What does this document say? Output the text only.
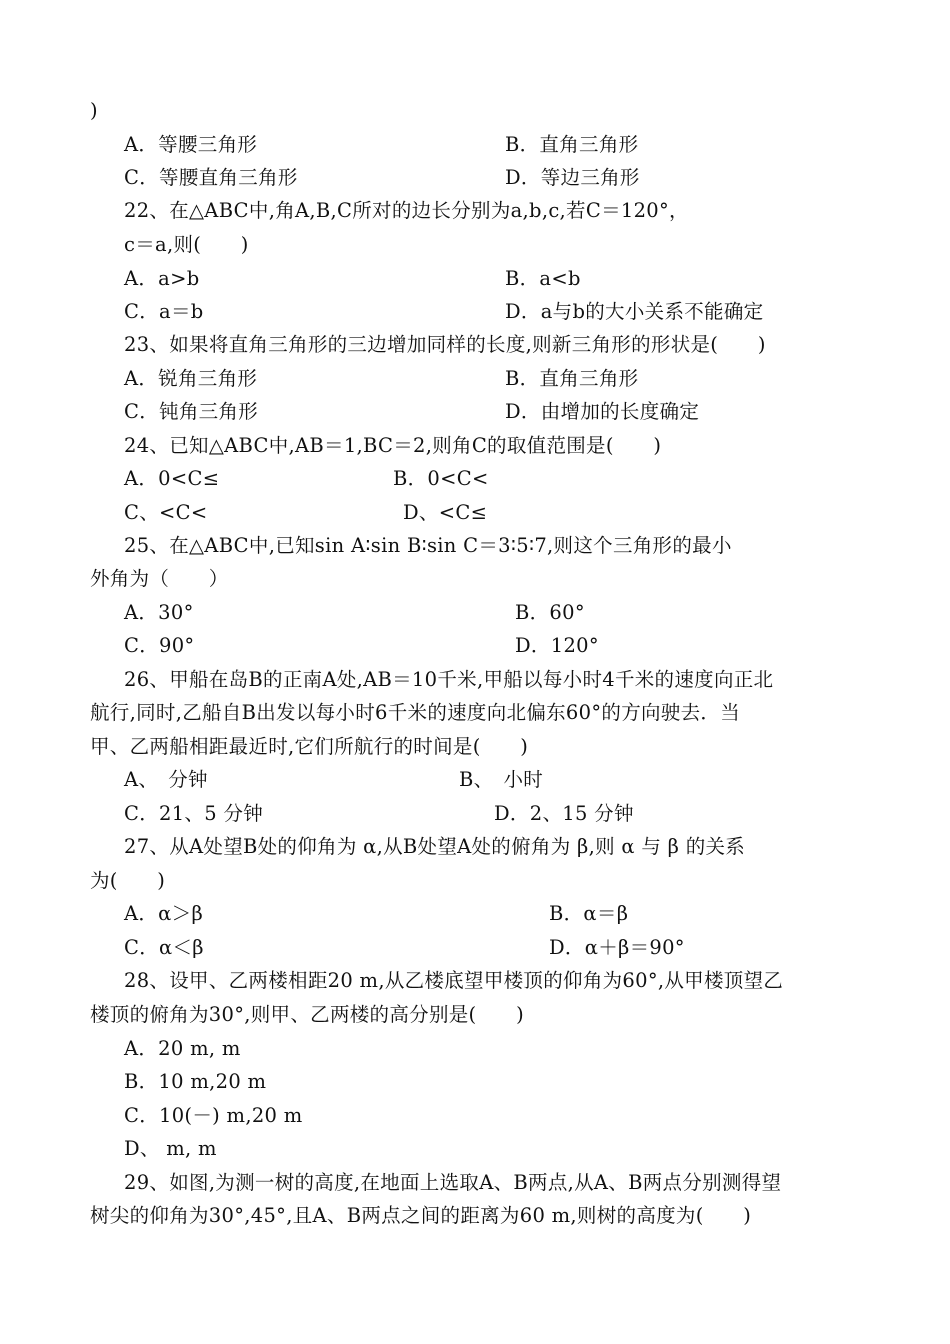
)
A．等腰三角形	B．直角三角形
C．等腰直角三角形	D．等边三角形
22、在△ABC中,角A,B,C所对的边长分别为a,b,c,若C＝120°，
c＝a,则(　　)
A．a>b	B．a<b
C．a＝b	D．a与b的大小关系不能确定
23、如果将直角三角形的三边增加同样的长度,则新三角形的形状是(　　)
A．锐角三角形	B．直角三角形
C．钝角三角形	D．由增加的长度确定
24、已知△ABC中,AB＝1,BC＝2,则角C的取值范围是(　　)
A．0<C≤	B．0<C<
C、<C<	D、<C≤
25、在△ABC中,已知sin A∶sin B∶sin C＝3∶5∶7,则这个三角形的最小
外角为（　　）
A．30°	B．60°
C．90°	D．120°
26、甲船在岛B的正南A处,AB＝10千米,甲船以每小时4千米的速度向正北
航行,同时,乙船自B出发以每小时6千米的速度向北偏东60°的方向驶去．当
甲、乙两船相距最近时,它们所航行的时间是(　　)
A、　分钟	B、　小时
C．21、5 分钟	D．2、15 分钟
27、从A处望B处的仰角为 α,从B处望A处的俯角为 β,则 α 与 β 的关系
为(　　)
A．α＞β	B．α＝β
C．α＜β	D．α＋β＝90°
28、设甲、乙两楼相距20 m,从乙楼底望甲楼顶的仰角为60°,从甲楼顶望乙
楼顶的俯角为30°,则甲、乙两楼的高分别是(　　)
A．20 m, m
B．10 m,20 m
C．10(－) m,20 m
D、 m, m
29、如图,为测一树的高度,在地面上选取A、B两点,从A、B两点分别测得望
树尖的仰角为30°,45°,且A、B两点之间的距离为60 m,则树的高度为(　　)
